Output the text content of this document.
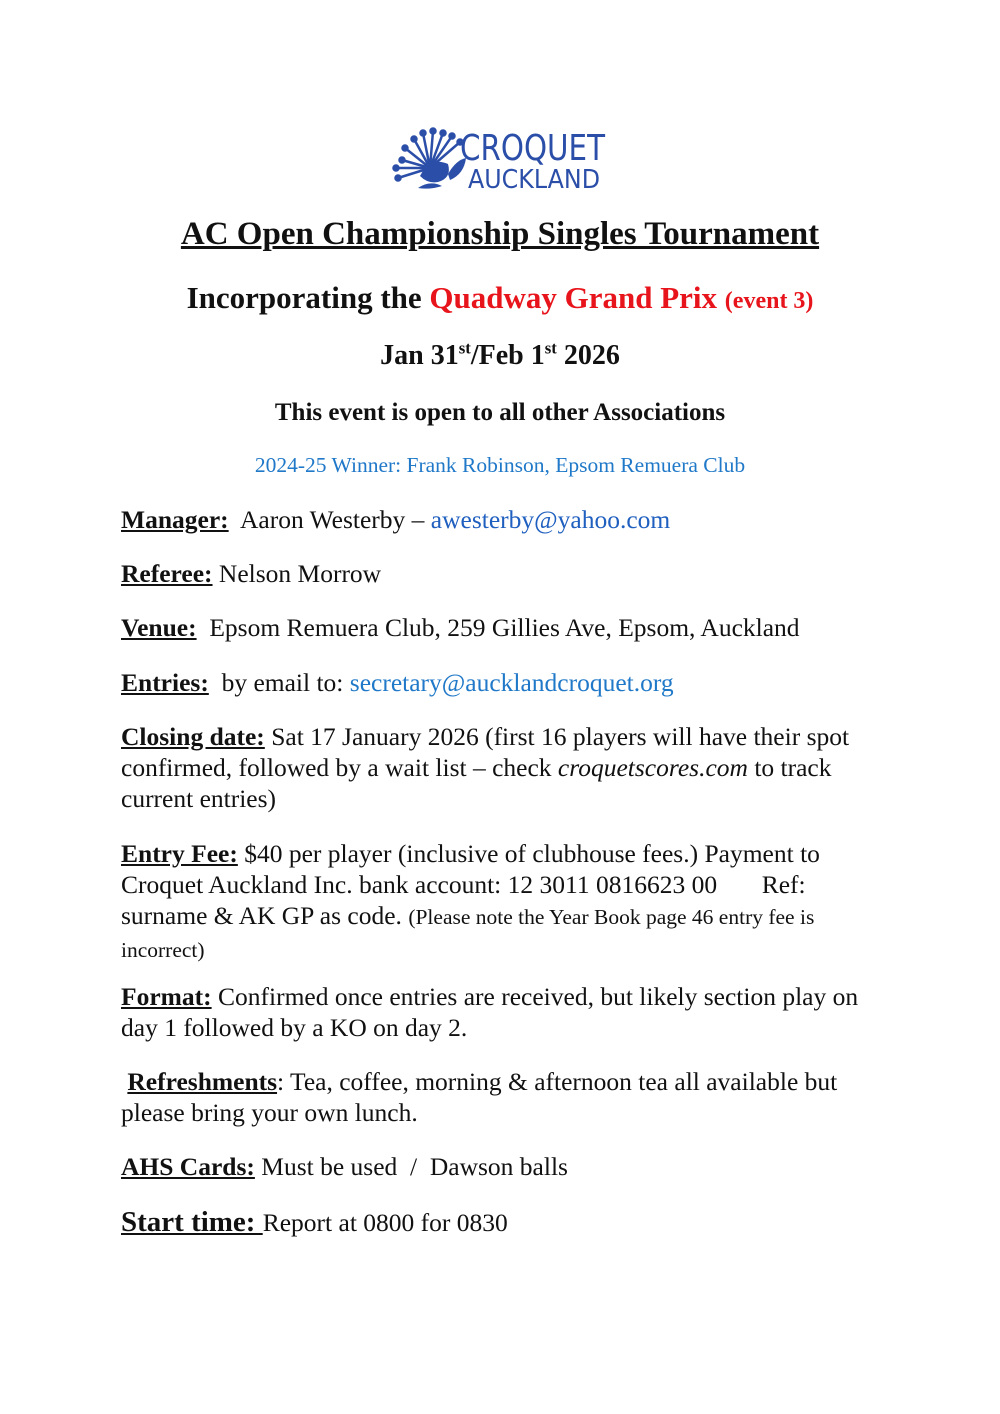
CROQUET
AUCKLAND
AC Open Championship Singles Tournament
Incorporating the Quadway Grand Prix (event 3)
Jan 31st/Feb 1st 2026
This event is open to all other Associations
2024-25 Winner: Frank Robinson, Epsom Remuera Club
Manager: Aaron Westerby – awesterby@yahoo.com
Referee: Nelson Morrow
Venue: Epsom Remuera Club, 259 Gillies Ave, Epsom, Auckland
Entries: by email to: secretary@aucklandcroquet.org
Closing date: Sat 17 January 2026 (first 16 players will have their spot confirmed, followed by a wait list – check croquetscores.com to track current entries)
Entry Fee: $40 per player (inclusive of clubhouse fees.) Payment to Croquet Auckland Inc. bank account: 12 3011 0816623 00       Ref: surname & AK GP as code. (Please note the Year Book page 46 entry fee is incorrect)
Format: Confirmed once entries are received, but likely section play on day 1 followed by a KO on day 2.
Refreshments: Tea, coffee, morning & afternoon tea all available but please bring your own lunch.
AHS Cards: Must be used  /  Dawson balls
Start time: Report at 0800 for 0830
